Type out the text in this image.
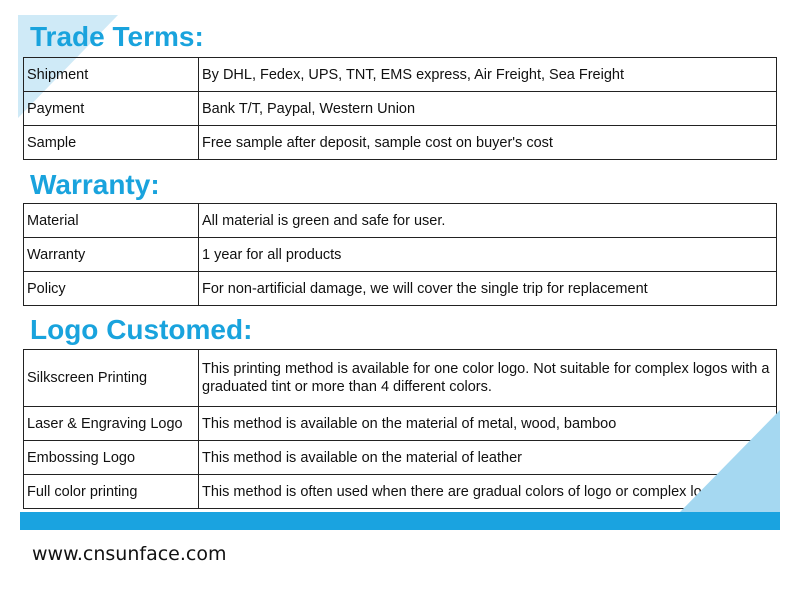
Trade Terms:
Shipment	By DHL, Fedex, UPS, TNT, EMS express, Air Freight, Sea Freight
Payment	Bank T/T, Paypal, Western Union
Sample	Free sample after deposit, sample cost on buyer's cost
Warranty:
Material	All material is green and safe for user.
Warranty	1 year for all products
Policy	For non-artificial damage, we will cover the single trip for replacement
Logo Customed:
Silkscreen Printing	This printing method is available for one color logo. Not suitable for complex logos with a graduated tint or more than 4 different colors.
Laser & Engraving Logo	This method is available on the material of metal, wood, bamboo
Embossing Logo	This method is available on the material of leather
Full color printing	This method is often used when there are gradual colors of logo or complex logos
www.cnsunface.com
